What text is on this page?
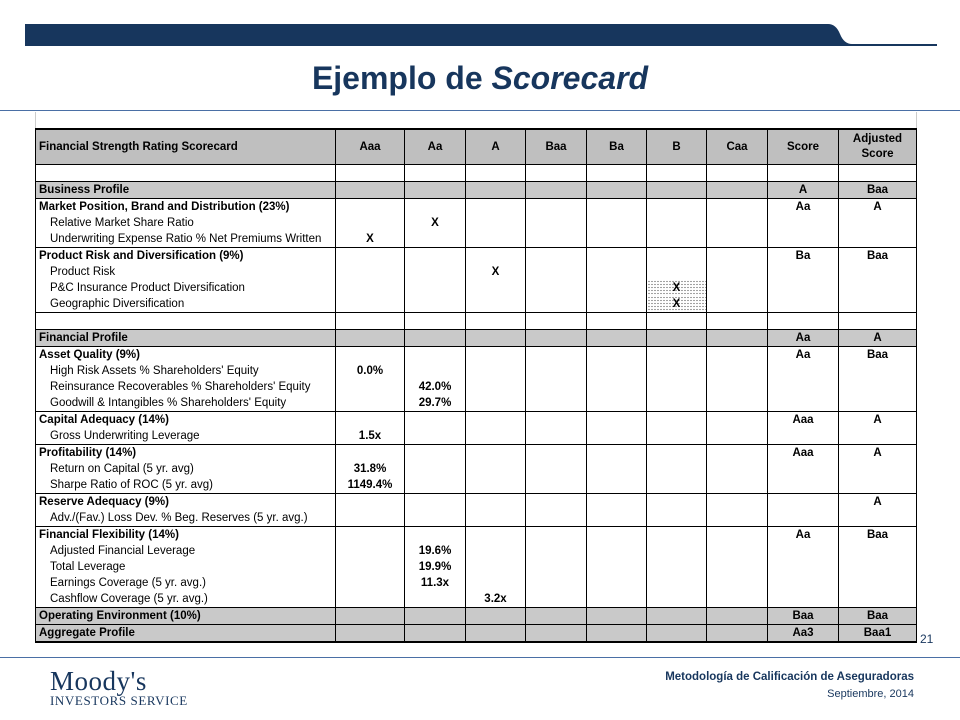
Ejemplo de Scorecard
Financial Strength Rating Scorecard	Aaa	Aa	A	Baa	Ba	B	Caa	Score	Adjusted Score

Business Profile								A	Baa
Market Position, Brand and Distribution (23%)								Aa	A
Relative Market Share Ratio		X							
Underwriting Expense Ratio % Net Premiums Written	X								
Product Risk and Diversification (9%)								Ba	Baa
Product Risk			X						
P&C Insurance Product Diversification						X			
Geographic Diversification						X			

Financial Profile								Aa	A
Asset Quality (9%)								Aa	Baa
High Risk Assets % Shareholders' Equity	0.0%								
Reinsurance Recoverables % Shareholders' Equity		42.0%							
Goodwill & Intangibles % Shareholders' Equity		29.7%							
Capital Adequacy (14%)								Aaa	A
Gross Underwriting Leverage	1.5x								
Profitability (14%)								Aaa	A
Return on Capital (5 yr. avg)	31.8%								
Sharpe Ratio of ROC (5 yr. avg)	1149.4%								
Reserve Adequacy (9%)									A
Adv./(Fav.) Loss Dev. % Beg. Reserves (5 yr. avg.)									
Financial Flexibility (14%)								Aa	Baa
Adjusted Financial Leverage		19.6%							
Total Leverage		19.9%							
Earnings Coverage (5 yr. avg.)		11.3x							
Cashflow Coverage (5 yr. avg.)			3.2x						
Operating Environment (10%)								Baa	Baa
Aggregate Profile								Aa3	Baa1 21
Moody's
INVESTORS SERVICE
Metodología de Calificación de Aseguradoras
Septiembre, 2014
